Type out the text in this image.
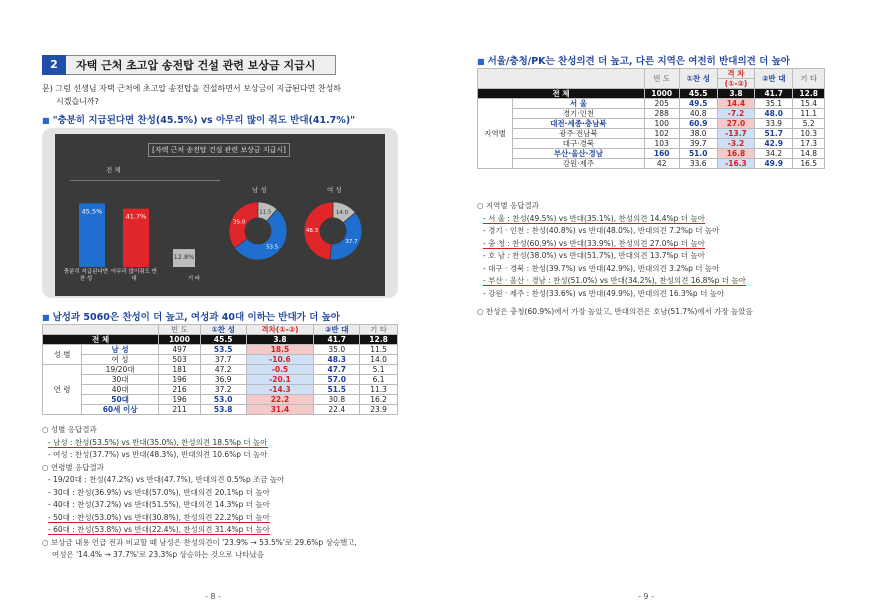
2	자택 근처 초고압 송전탑 건설 관련 보상금 지급시
문) 그럼 선생님 자택 근처에 초고압 송전탑을 건설하면서 보상금이 지급된다면 찬성하
시겠습니까?
■ "충분히 지급된다면 찬성(45.5%) vs 아무리 많이 줘도 반대(41.7%)"
[자택 근처 송전탑 건설 관련 보상금 지급시]
전 체
45.5%
41.7%
12.8%
53.5
35.0
11.5
37.7
48.3
14.0
남 성	여 성
충분히 지급된다면 찬 성
아무리 많이줘도 반 대	기 타
■ 남성과 5060은 찬성이 더 높고, 여성과 40대 이하는 반대가 더 높아
		빈 도	①찬 성	격차(①-②)	②반 대	기 타
전 체		1000	45.5	3.8	41.7	12.8
성 별	남 성	497	53.5	18.5	35.0	11.5
	여 성	503	37.7	-10.6	48.3	14.0
연 령	19/20대	181	47.2	-0.5	47.7	5.1
	30대	196	36.9	-20.1	57.0	6.1
	40대	216	37.2	-14.3	51.5	11.3
	50대	196	53.0	22.2	30.8	16.2
	60세 이상	211	53.8	31.4	22.4	23.9
○ 성별 응답결과
- 남성 : 찬성(53.5%) vs 반대(35.0%), 찬성의견 18.5%p 더 높아
- 여성 : 찬성(37.7%) vs 반대(48.3%), 반대의견 10.6%p 더 높아
○ 연령별 응답결과
- 19/20대 : 찬성(47.2%) vs 반대(47.7%), 반대의견 0.5%p 조금 높아
- 30대 : 찬성(36.9%) vs 반대(57.0%), 반대의견 20.1%p 더 높아
- 40대 : 찬성(37.2%) vs 반대(51.5%), 반대의견 14.3%p 더 높아
- 50대 : 찬성(53.0%) vs 반대(30.8%), 찬성의견 22.2%p 더 높아
- 60대 : 찬성(53.8%) vs 반대(22.4%), 찬성의견 31.4%p 더 높아
○ 보상금 내용 언급 전과 비교할 때 남성은 찬성의견이 '23.9% → 53.5%'로 29.6%p 상승했고,
여성은 '14.4% → 37.7%'로 23.3%p 상승하는 것으로 나타났음
- 8 -
■ 서울/충청/PK는 찬성의견 더 높고, 다른 지역은 여전히 반대의견 더 높아
		빈 도	①찬 성	격 차	②반 대	기 타
				(①-②)		
전 체		1000	45.5	3.8	41.7	12.8
지역별	서 울	205	49.5	14.4	35.1	15.4
	경기·인천	288	40.8	-7.2	48.0	11.1
	대전·세종·충남북	100	60.9	27.0	33.9	5.2
	광주·전남북	102	38.0	-13.7	51.7	10.3
	대구·경북	103	39.7	-3.2	42.9	17.3
	부산·울산·경남	160	51.0	16.8	34.2	14.8
	강원·제주	42	33.6	-16.3	49.9	16.5
○ 지역별 응답결과
- 서 울 : 찬성(49.5%) vs 반대(35.1%), 찬성의견 14.4%p 더 높아
- 경기 · 인천 : 찬성(40.8%) vs 반대(48.0%), 반대의견 7.2%p 더 높아
- 충 청 : 찬성(60.9%) vs 반대(33.9%), 찬성의견 27.0%p 더 높아
- 호 남 : 찬성(38.0%) vs 반대(51.7%), 반대의견 13.7%p 더 높아
- 대구 · 경북 : 찬성(39.7%) vs 반대(42.9%), 반대의견 3.2%p 더 높아
- 부산 · 울산 · 경남 : 찬성(51.0%) vs 반대(34.2%), 찬성의견 16.8%p 더 높아
- 강원 · 제주 : 찬성(33.6%) vs 반대(49.9%), 반대의견 16.3%p 더 높아
○ 찬성은 충청(60.9%)에서 가장 높았고, 반대의견은 호남(51.7%)에서 가장 높았음
- 9 -
